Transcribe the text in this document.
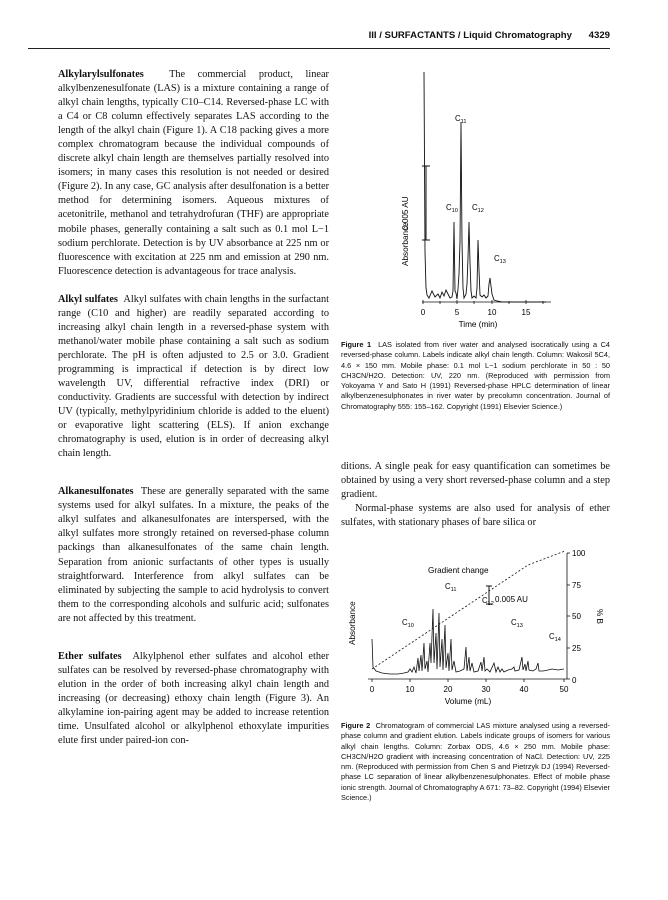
III / SURFACTANTS / Liquid Chromatography 4329

Alkylarylsulfonates The commercial product, linear alkylbenzenesulfonate (LAS) is a mixture containing a range of alkyl chain lengths, typically C10–C14. Reversed-phase LC with a C4 or C8 column effectively separates LAS according to the length of the alkyl chain (Figure 1). A C18 packing gives a more complex chromatogram because the individual compounds of discrete alkyl chain length are themselves partially resolved into isomers; in many cases this resolution is not needed or desired (Figure 2). In any case, GC analysis after desulfonation is a better method for determining isomers. Aqueous mixtures of acetonitrile, methanol and tetrahydrofuran (THF) are appropriate mobile phases, generally containing a salt such as 0.1 mol L−1 sodium perchlorate. Detection is by UV absorbance at 225 nm or fluorescence with excitation at 225 nm and emission at 290 nm. Fluorescence detection is advantageous for trace analysis.

Alkyl sulfates Alkyl sulfates with chain lengths in the surfactant range (C10 and higher) are readily separated according to increasing alkyl chain length in a reversed-phase system with methanol/water mobile phase containing a salt such as sodium perchlorate. The pH is often adjusted to 2.5 or 3.0. Gradient programming is impractical if detection is by direct low wavelength UV, differential refractive index (DRI) or conductivity. Gradients are successful with detection by indirect UV (typically, methylpyridinium chloride is added to the eluent) or evaporative light scattering (ELS). If anion exchange chromatography is used, elution is in order of decreasing alkyl chain length.

Alkanesulfonates These are generally separated with the same systems used for alkyl sulfates. In a mixture, the peaks of the alkyl sulfates and alkanesulfonates are interspersed, with the alkyl sulfates more strongly retained on reversed-phase column packings than alkanesulfonates of the same chain length. Separation from anionic surfactants of other types is usually straightforward. Interference from alkyl sulfates can be eliminated by subjecting the sample to acid hydrolysis to convert them to the corresponding alcohols and sulfuric acid; sulfonates are not affected by this treatment.

Ether sulfates Alkylphenol ether sulfates and alcohol ether sulfates can be resolved by reversed-phase chromatography with elution in the order of both increasing alkyl chain length and increasing (or decreasing) ethoxy chain length (Figure 3). An alkylamine ion-pairing agent may be added to increase retention time. Unsulfated alcohol or alkylphenol ethoxylate impurities elute first under paired-ion con-

Absorbance
0.005 AU	$C_{10}$
$C_{11}$
$C_{12}$
$C_{13}$
0	5	10	15
Time (min)
Figure 1 LAS isolated from river water and analysed isocratically using a C4 reversed-phase column. Labels indicate alkyl chain length. Column: Wakosil 5C4, 4.6 × 150 mm. Mobile phase: 0.1 mol L−1 sodium perchlorate in 50 : 50 CH3CN/H2O. Detection: UV, 220 nm. (Reproduced with permission from Yokoyama Y and Sato H (1991) Reversed-phase HPLC determination of linear alkylbenzenesulphonates in river water by precolumn concentration. Journal of Chromatography 555: 155–162. Copyright (1991) Elsevier Science.)

ditions. A single peak for easy quantification can sometimes be obtained by using a very short reversed-phase column and a step gradient.

Normal-phase systems are also used for analysis of ether sulfates, with stationary phases of bare silica or

Absorbance
Gradient change
0.005 AU
$C_{10}$
$C_{11}$
$C_{12}$
$C_{13}$
$C_{14}$
0	10	20	30	40	50
Volume (mL)
100
75
50
25
0
% B
Figure 2 Chromatogram of commercial LAS mixture analysed using a reversed-phase column and gradient elution. Labels indicate groups of isomers for various alkyl chain lengths. Column: Zorbax ODS, 4.6 × 250 mm. Mobile phase: CH3CN/H2O gradient with increasing concentration of NaCl. Detection: UV, 225 nm. (Reproduced with permission from Chen S and Pietrzyk DJ (1994) Reversed-phase LC separation of linear alkylbenzenesulphonates. Effect of mobile phase ionic strength. Journal of Chromatography A 671: 73–82. Copyright (1994) Elsevier Science.)
